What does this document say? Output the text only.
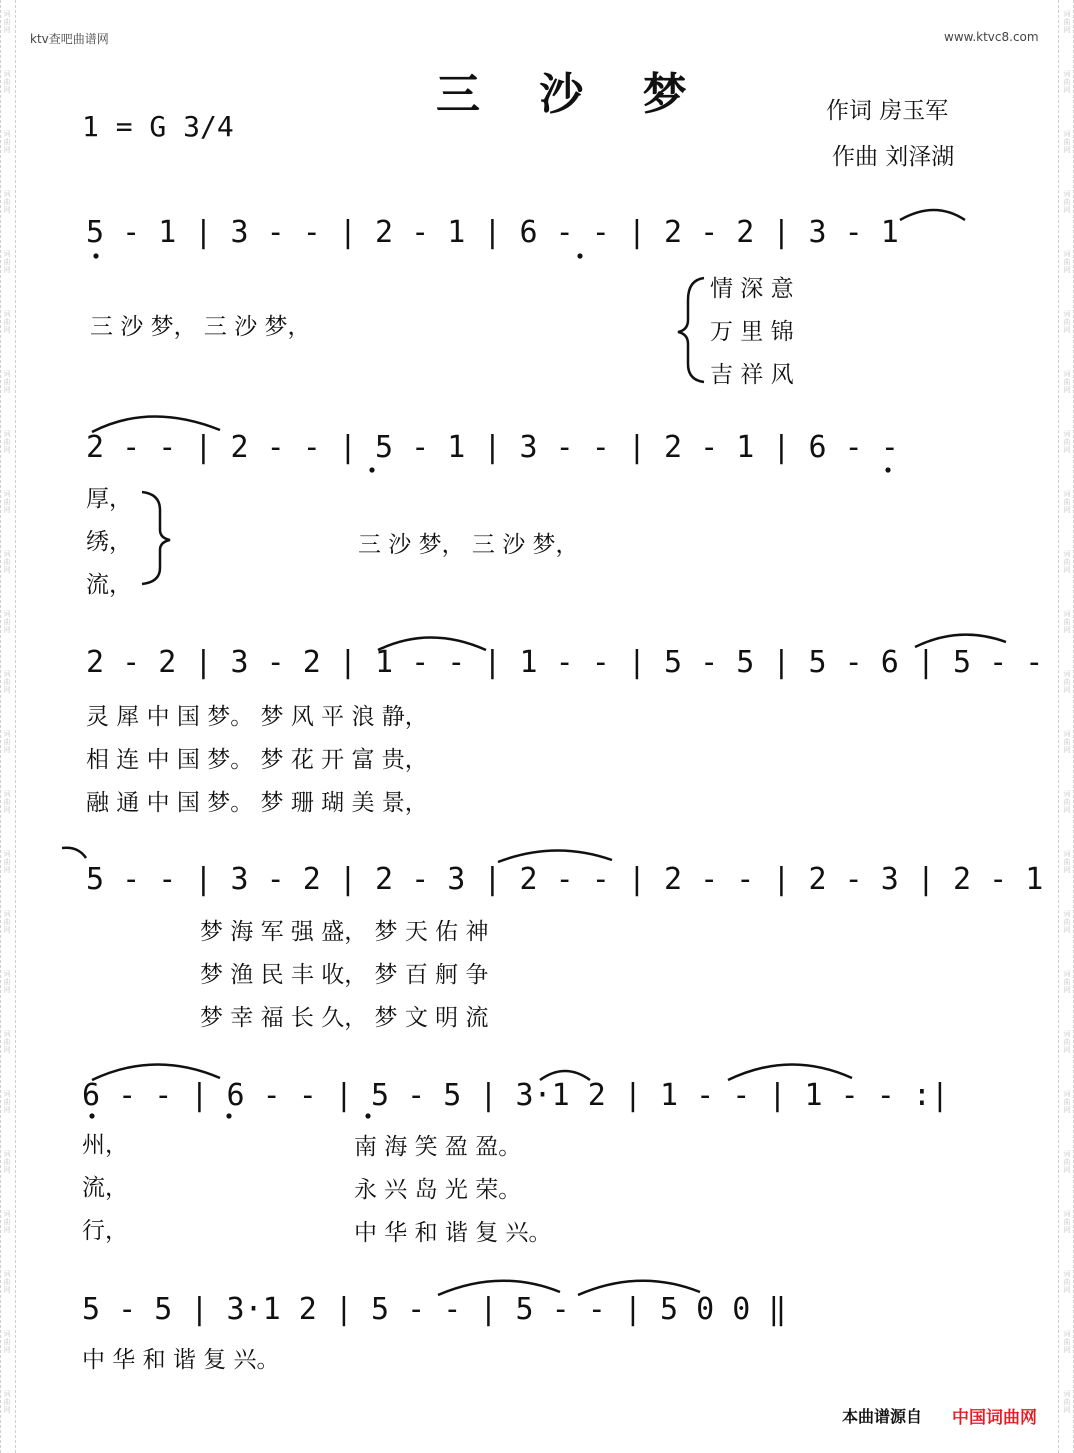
词曲网
词曲网
词曲网
词曲网
词曲网
词曲网
词曲网
词曲网
词曲网
词曲网
词曲网
词曲网
词曲网
词曲网
词曲网
词曲网
词曲网
词曲网
词曲网
词曲网
词曲网
词曲网
词曲网
词曲网
词曲网
词曲网
词曲网
词曲网
词曲网
词曲网
词曲网
词曲网
词曲网
词曲网
词曲网
词曲网
词曲网
词曲网
词曲网
词曲网
词曲网
词曲网
词曲网
词曲网
词曲网
词曲网
词曲网
词曲网
ktv查吧曲谱网	www.ktvc8.com
三 沙 梦
1 = G 3/4	作词 房玉军
作曲 刘泽湖
5 - 1 | 3 - - | 2 - 1 | 6 - - | 2 - 2 | 3 - 1
三 沙 梦， 三 沙 梦，
情 深 意
万 里 锦
吉 祥 风
2 - - | 2 - - | 5 - 1 | 3 - - | 2 - 1 | 6 - -
厚，
绣，
流，
三 沙 梦， 三 沙 梦，
2 - 2 | 3 - 2 | 1 - - | 1 - - | 5 - 5 | 5 - 6 | 5 - -
灵 犀 中 国 梦。 梦 风 平 浪 静，
相 连 中 国 梦。 梦 花 开 富 贵，
融 通 中 国 梦。 梦 珊 瑚 美 景，
5 - - | 3 - 2 | 2 - 3 | 2 - - | 2 - - | 2 - 3 | 2 - 1
梦 海 军 强 盛， 梦 天 佑 神
梦 渔 民 丰 收， 梦 百 舸 争
梦 幸 福 长 久， 梦 文 明 流
6 - - | 6 - - | 5 - 5 | 3·1 2 | 1 - - | 1 - - :|
州，	南 海 笑 盈 盈。
流，	永 兴 岛 光 荣。
行，	中 华 和 谐 复 兴。
5 - 5 | 3·1 2 | 5 - - | 5 - - | 5 0 0 ‖
中 华 和 谐 复 兴。
本曲谱源自 中国词曲网
